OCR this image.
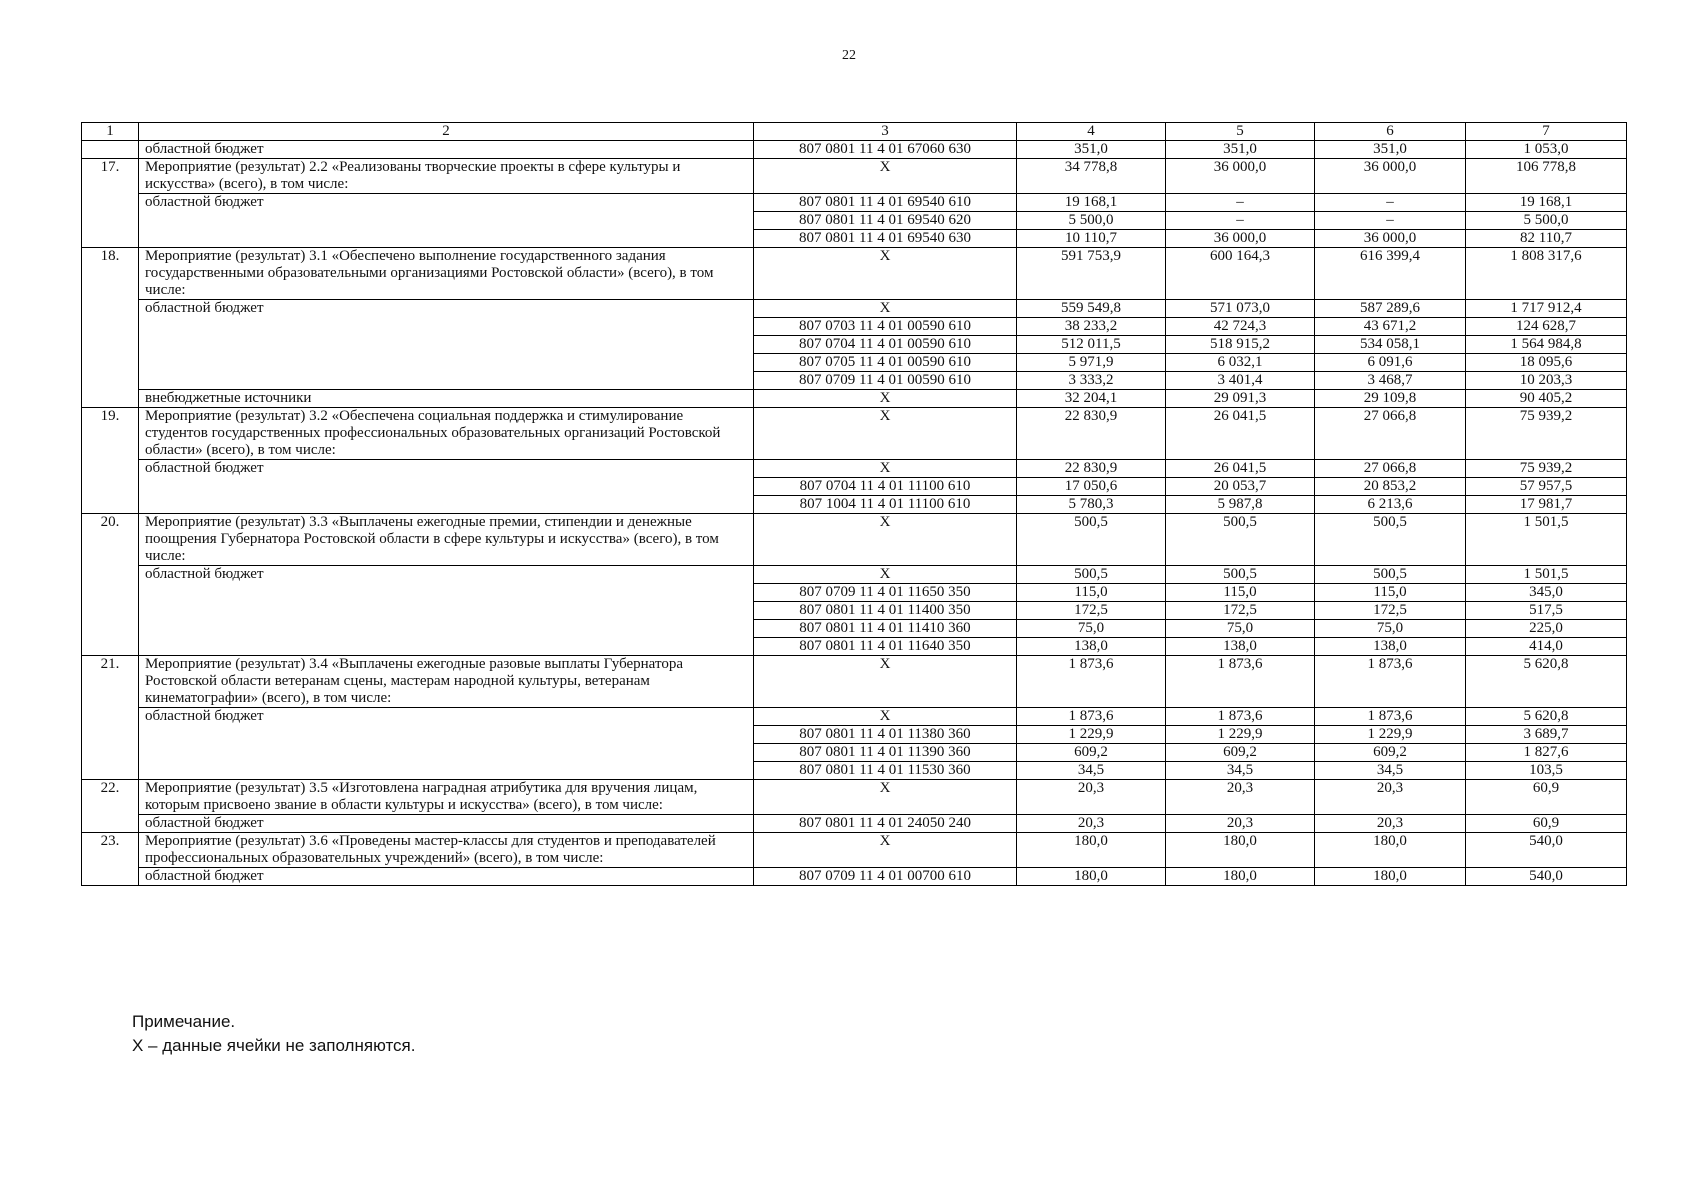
22
1	2	3	4	5	6	7
	областной бюджет	807 0801 11 4 01 67060 630	351,0	351,0	351,0	1 053,0
17.	Мероприятие (результат) 2.2 «Реализованы творческие проекты в сфере культуры и искусства» (всего), в том числе:	X	34 778,8	36 000,0	36 000,0	106 778,8
	областной бюджет	807 0801 11 4 01 69540 610	19 168,1	–	–	19 168,1
		807 0801 11 4 01 69540 620	5 500,0	–	–	5 500,0
		807 0801 11 4 01 69540 630	10 110,7	36 000,0	36 000,0	82 110,7
18.	Мероприятие (результат) 3.1 «Обеспечено выполнение государственного задания государственными образовательными организациями Ростовской области» (всего), в том числе:	X	591 753,9	600 164,3	616 399,4	1 808 317,6
	областной бюджет	X	559 549,8	571 073,0	587 289,6	1 717 912,4
		807 0703 11 4 01 00590 610	38 233,2	42 724,3	43 671,2	124 628,7
		807 0704 11 4 01 00590 610	512 011,5	518 915,2	534 058,1	1 564 984,8
		807 0705 11 4 01 00590 610	5 971,9	6 032,1	6 091,6	18 095,6
		807 0709 11 4 01 00590 610	3 333,2	3 401,4	3 468,7	10 203,3
	внебюджетные источники	X	32 204,1	29 091,3	29 109,8	90 405,2
19.	Мероприятие (результат) 3.2 «Обеспечена социальная поддержка и стимулирование студентов государственных профессиональных образовательных организаций Ростовской области» (всего), в том числе:	X	22 830,9	26 041,5	27 066,8	75 939,2
	областной бюджет	X	22 830,9	26 041,5	27 066,8	75 939,2
		807 0704 11 4 01 11100 610	17 050,6	20 053,7	20 853,2	57 957,5
		807 1004 11 4 01 11100 610	5 780,3	5 987,8	6 213,6	17 981,7
20.	Мероприятие (результат) 3.3 «Выплачены ежегодные премии, стипендии и денежные поощрения Губернатора Ростовской области в сфере культуры и искусства» (всего), в том числе:	X	500,5	500,5	500,5	1 501,5
	областной бюджет	X	500,5	500,5	500,5	1 501,5
		807 0709 11 4 01 11650 350	115,0	115,0	115,0	345,0
		807 0801 11 4 01 11400 350	172,5	172,5	172,5	517,5
		807 0801 11 4 01 11410 360	75,0	75,0	75,0	225,0
		807 0801 11 4 01 11640 350	138,0	138,0	138,0	414,0
21.	Мероприятие (результат) 3.4 «Выплачены ежегодные разовые выплаты Губернатора Ростовской области ветеранам сцены, мастерам народной культуры, ветеранам кинематографии» (всего), в том числе:	X	1 873,6	1 873,6	1 873,6	5 620,8
	областной бюджет	X	1 873,6	1 873,6	1 873,6	5 620,8
		807 0801 11 4 01 11380 360	1 229,9	1 229,9	1 229,9	3 689,7
		807 0801 11 4 01 11390 360	609,2	609,2	609,2	1 827,6
		807 0801 11 4 01 11530 360	34,5	34,5	34,5	103,5
22.	Мероприятие (результат) 3.5 «Изготовлена наградная атрибутика для вручения лицам, которым присвоено звание в области культуры и искусства» (всего), в том числе:	X	20,3	20,3	20,3	60,9
	областной бюджет	807 0801 11 4 01 24050 240	20,3	20,3	20,3	60,9
23.	Мероприятие (результат) 3.6 «Проведены мастер-классы для студентов и преподавателей профессиональных образовательных учреждений» (всего), в том числе:	X	180,0	180,0	180,0	540,0
	областной бюджет	807 0709 11 4 01 00700 610	180,0	180,0	180,0	540,0
Примечание.
X – данные ячейки не заполняются.
